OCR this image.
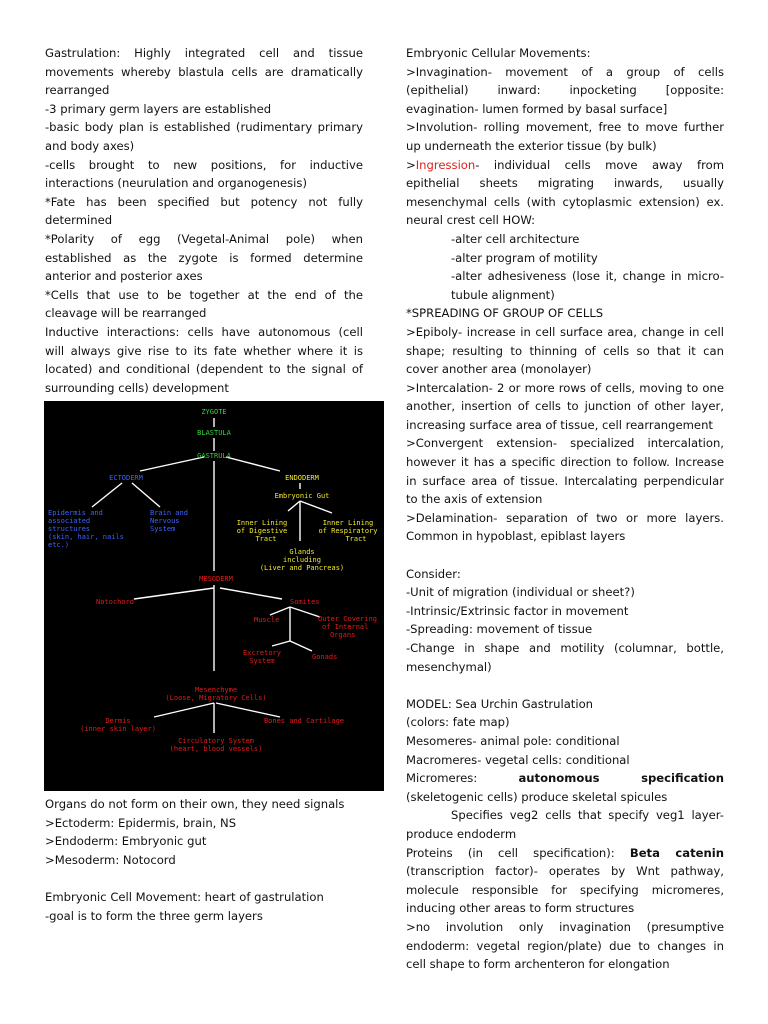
Gastrulation: Highly integrated cell and tissue movements whereby blastula cells are dramatically rearranged

-3 primary germ layers are established

-basic body plan is established (rudimentary primary and body axes)

-cells brought to new positions, for inductive interactions (neurulation and organogenesis)

*Fate has been specified but potency not fully determined

*Polarity of egg (Vegetal-Animal pole) when established as the zygote is formed determine anterior and posterior axes

*Cells that use to be together at the end of the cleavage will be rearranged

Inductive interactions: cells have autonomous (cell will always give rise to its fate whether where it is located) and conditional (dependent to the signal of surrounding cells) development

ZYGOTE
BLASTULA
GASTRULA
ECTODERM
Epidermis and
associated
structures
(skin, hair, nails
etc.)
Brain and
Nervous
System
ENDODERM
Embryonic Gut
Inner Lining
of Digestive
Tract
Inner Lining
of Respiratory
Tract
Glands
including
(Liver and Pancreas)
MESODERM
Notochord	Somites
Muscle	Outer Covering
of Internal
Organs
Excretory
System	Gonads
Mesenchyme
(Loose, Migratory Cells)
Dermis
(inner skin layer)
Bones and Cartilage
Circulatory System
(heart, blood vessels)

Organs do not form on their own, they need signals

>Ectoderm: Epidermis, brain, NS

>Endoderm: Embryonic gut

>Mesoderm: Notocord

Embryonic Cell Movement: heart of gastrulation

-goal is to form the three germ layers

Embryonic Cellular Movements:

>Invagination- movement of a group of cells (epithelial) inward: inpocketing [opposite: evagination- lumen formed by basal surface]

>Involution- rolling movement, free to move further up underneath the exterior tissue (by bulk)

>Ingression- individual cells move away from epithelial sheets migrating inwards, usually mesenchymal cells (with cytoplasmic extension) ex. neural crest cell HOW:

-alter cell architecture

-alter program of motility

-alter adhesiveness (lose it, change in micro-tubule alignment)

*SPREADING OF GROUP OF CELLS

>Epiboly- increase in cell surface area, change in cell shape; resulting to thinning of cells so that it can cover another area (monolayer)

>Intercalation- 2 or more rows of cells, moving to one another, insertion of cells to junction of other layer, increasing surface area of tissue, cell rearrangement

>Convergent extension- specialized intercalation, however it has a specific direction to follow. Increase in surface area of tissue. Intercalating perpendicular to the axis of extension

>Delamination- separation of two or more layers. Common in hypoblast, epiblast layers

Consider:

-Unit of migration (individual or sheet?)

-Intrinsic/Extrinsic factor in movement

-Spreading: movement of tissue

-Change in shape and motility (columnar, bottle, mesenchymal)

MODEL: Sea Urchin Gastrulation

(colors: fate map)

Mesomeres- animal pole: conditional

Macromeres- vegetal cells: conditional

Micromeres: autonomous specification (skeletogenic cells) produce skeletal spicules

Specifies veg2 cells that specify veg1 layer-produce endoderm

Proteins (in cell specification): Beta catenin (transcription factor)- operates by Wnt pathway, molecule responsible for specifying micromeres, inducing other areas to form structures

>no involution only invagination (presumptive endoderm: vegetal region/plate) due to changes in cell shape to form archenteron for elongation
